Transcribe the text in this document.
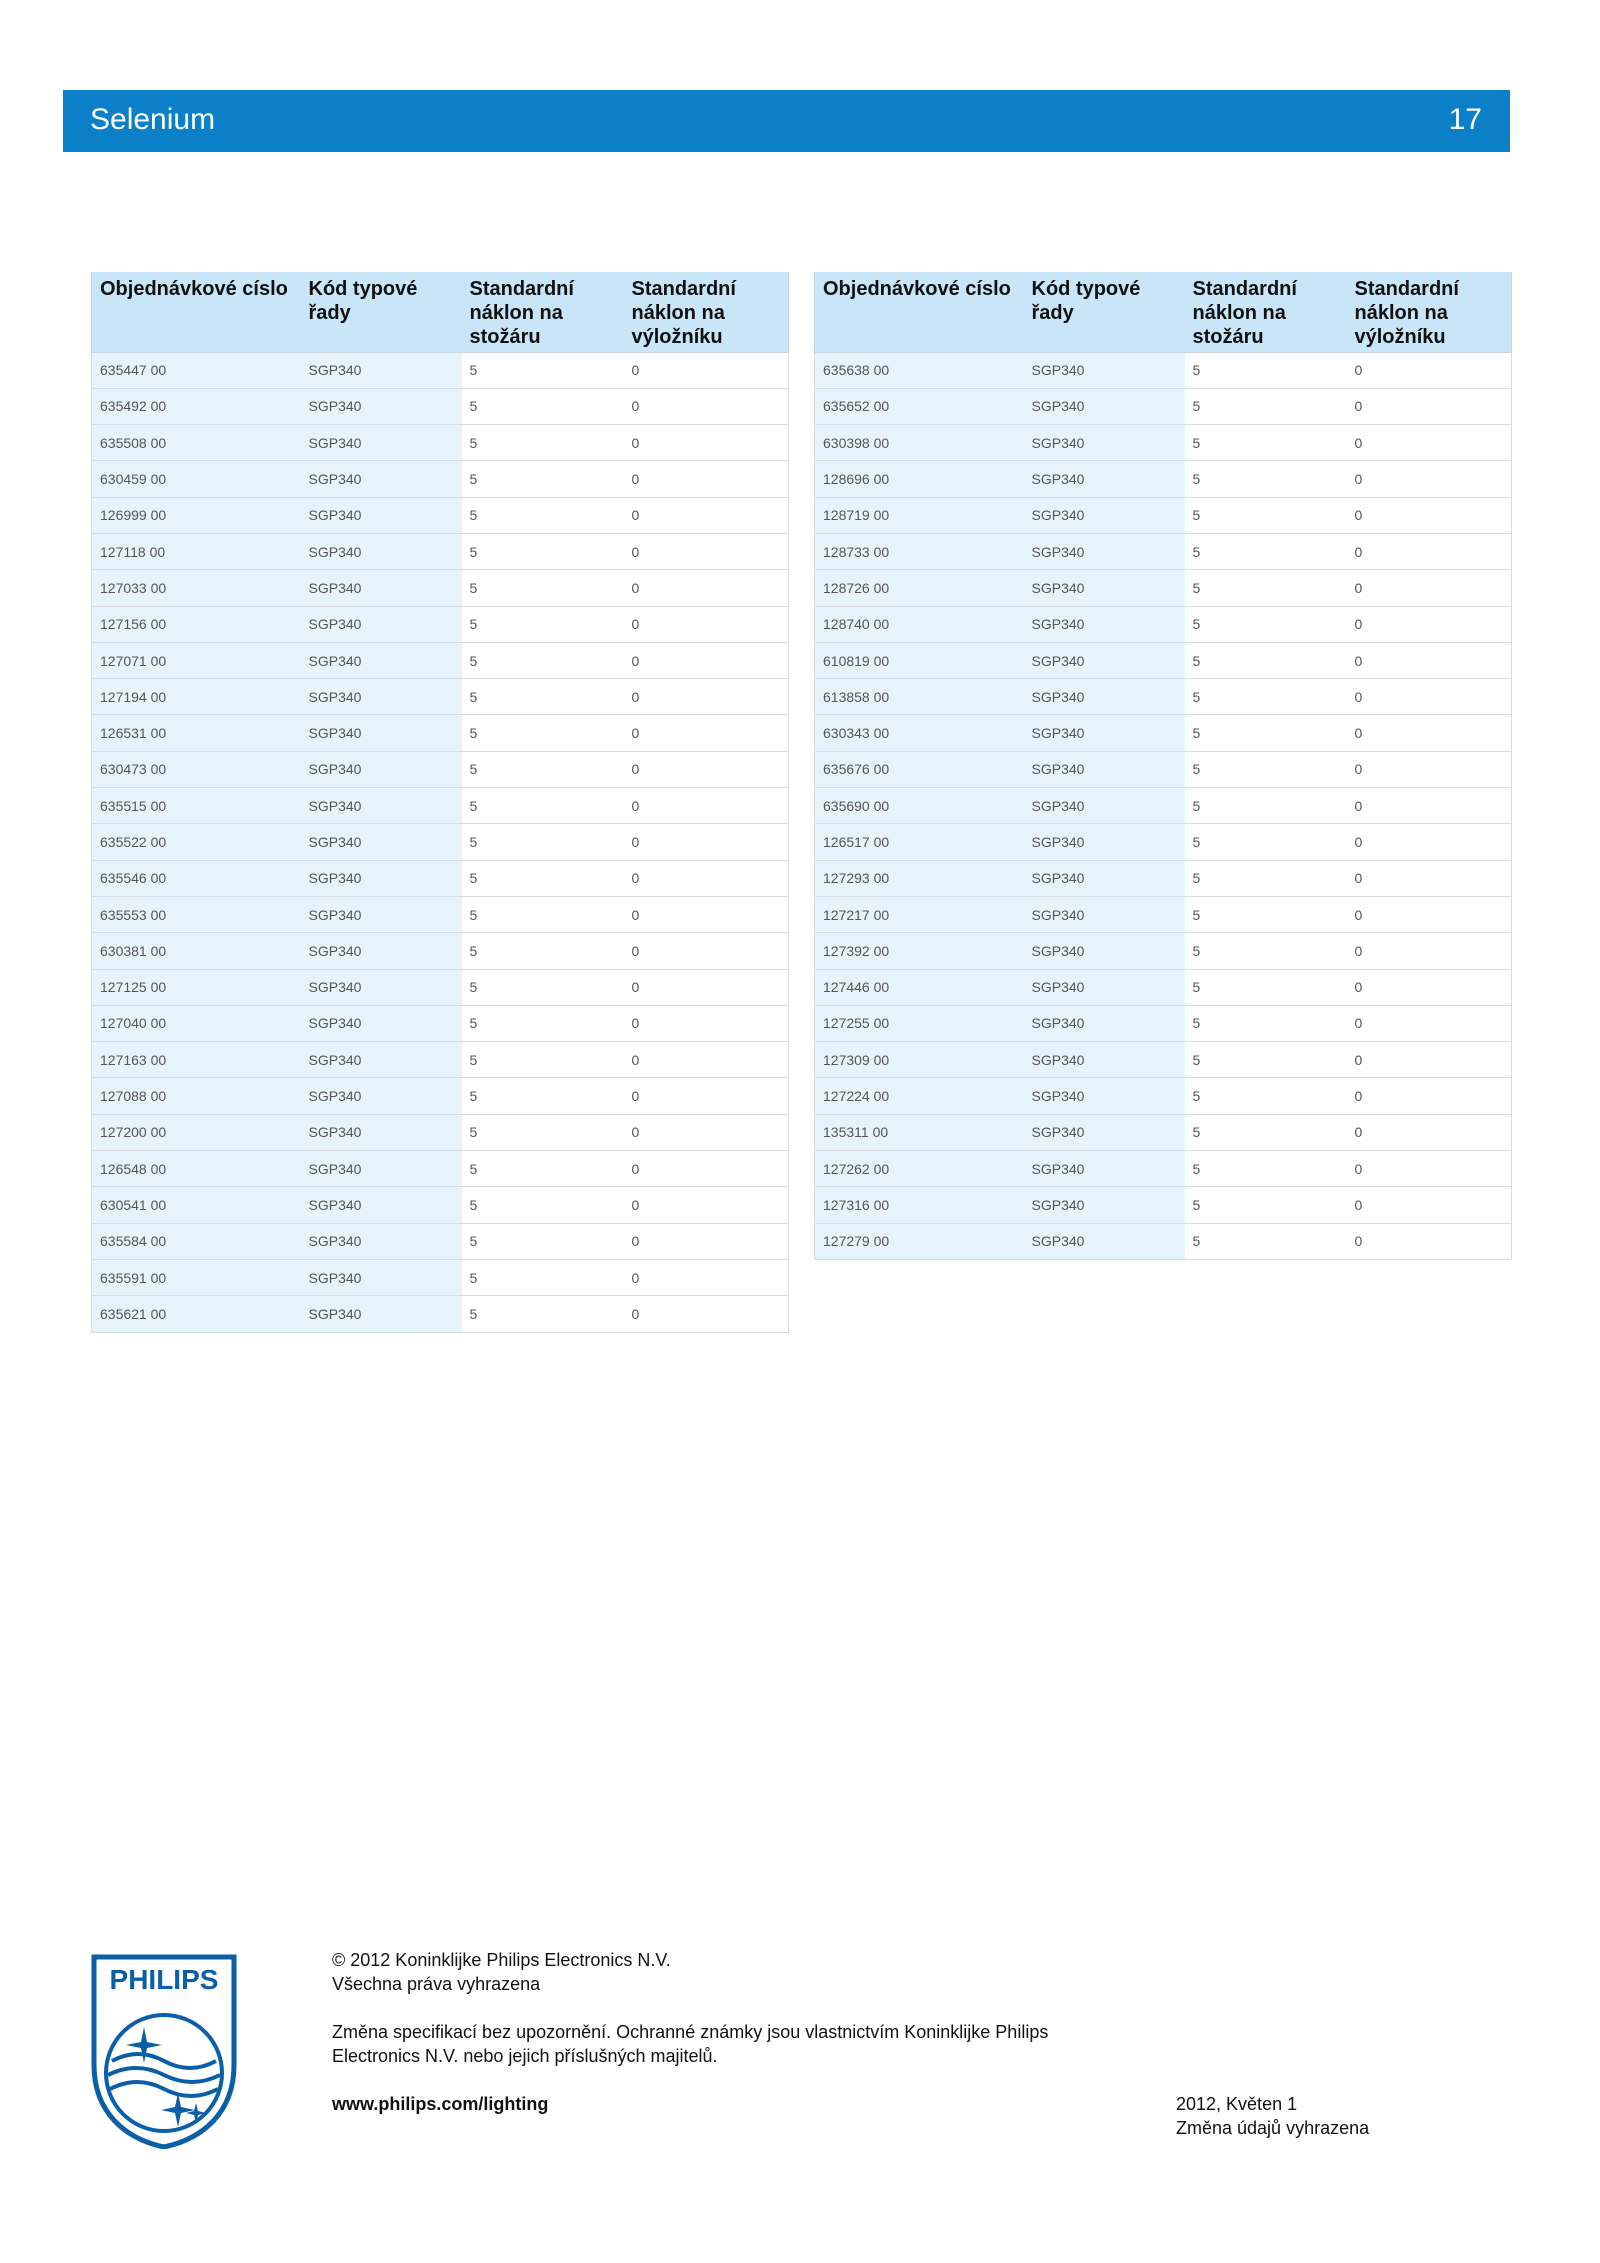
Selenium	17
Objednávkové císlo	Kód typové řady	Standardní náklon na stožáru	Standardní náklon na výložníku
635447 00	SGP340	5	0
635492 00	SGP340	5	0
635508 00	SGP340	5	0
630459 00	SGP340	5	0
126999 00	SGP340	5	0
127118 00	SGP340	5	0
127033 00	SGP340	5	0
127156 00	SGP340	5	0
127071 00	SGP340	5	0
127194 00	SGP340	5	0
126531 00	SGP340	5	0
630473 00	SGP340	5	0
635515 00	SGP340	5	0
635522 00	SGP340	5	0
635546 00	SGP340	5	0
635553 00	SGP340	5	0
630381 00	SGP340	5	0
127125 00	SGP340	5	0
127040 00	SGP340	5	0
127163 00	SGP340	5	0
127088 00	SGP340	5	0
127200 00	SGP340	5	0
126548 00	SGP340	5	0
630541 00	SGP340	5	0
635584 00	SGP340	5	0
635591 00	SGP340	5	0
635621 00	SGP340	5	0
Objednávkové císlo	Kód typové řady	Standardní náklon na stožáru	Standardní náklon na výložníku
635638 00	SGP340	5	0
635652 00	SGP340	5	0
630398 00	SGP340	5	0
128696 00	SGP340	5	0
128719 00	SGP340	5	0
128733 00	SGP340	5	0
128726 00	SGP340	5	0
128740 00	SGP340	5	0
610819 00	SGP340	5	0
613858 00	SGP340	5	0
630343 00	SGP340	5	0
635676 00	SGP340	5	0
635690 00	SGP340	5	0
126517 00	SGP340	5	0
127293 00	SGP340	5	0
127217 00	SGP340	5	0
127392 00	SGP340	5	0
127446 00	SGP340	5	0
127255 00	SGP340	5	0
127309 00	SGP340	5	0
127224 00	SGP340	5	0
135311 00	SGP340	5	0
127262 00	SGP340	5	0
127316 00	SGP340	5	0
127279 00	SGP340	5	0
PHILIPS

© 2012 Koninklijke Philips Electronics N.V.

Všechna práva vyhrazena

Změna specifikací bez upozornění. Ochranné známky jsou vlastnictvím Koninklijke Philips

Electronics N.V. nebo jejich příslušných majitelů.

www.philips.com/lighting	2012, Květen 1

Změna údajů vyhrazena
